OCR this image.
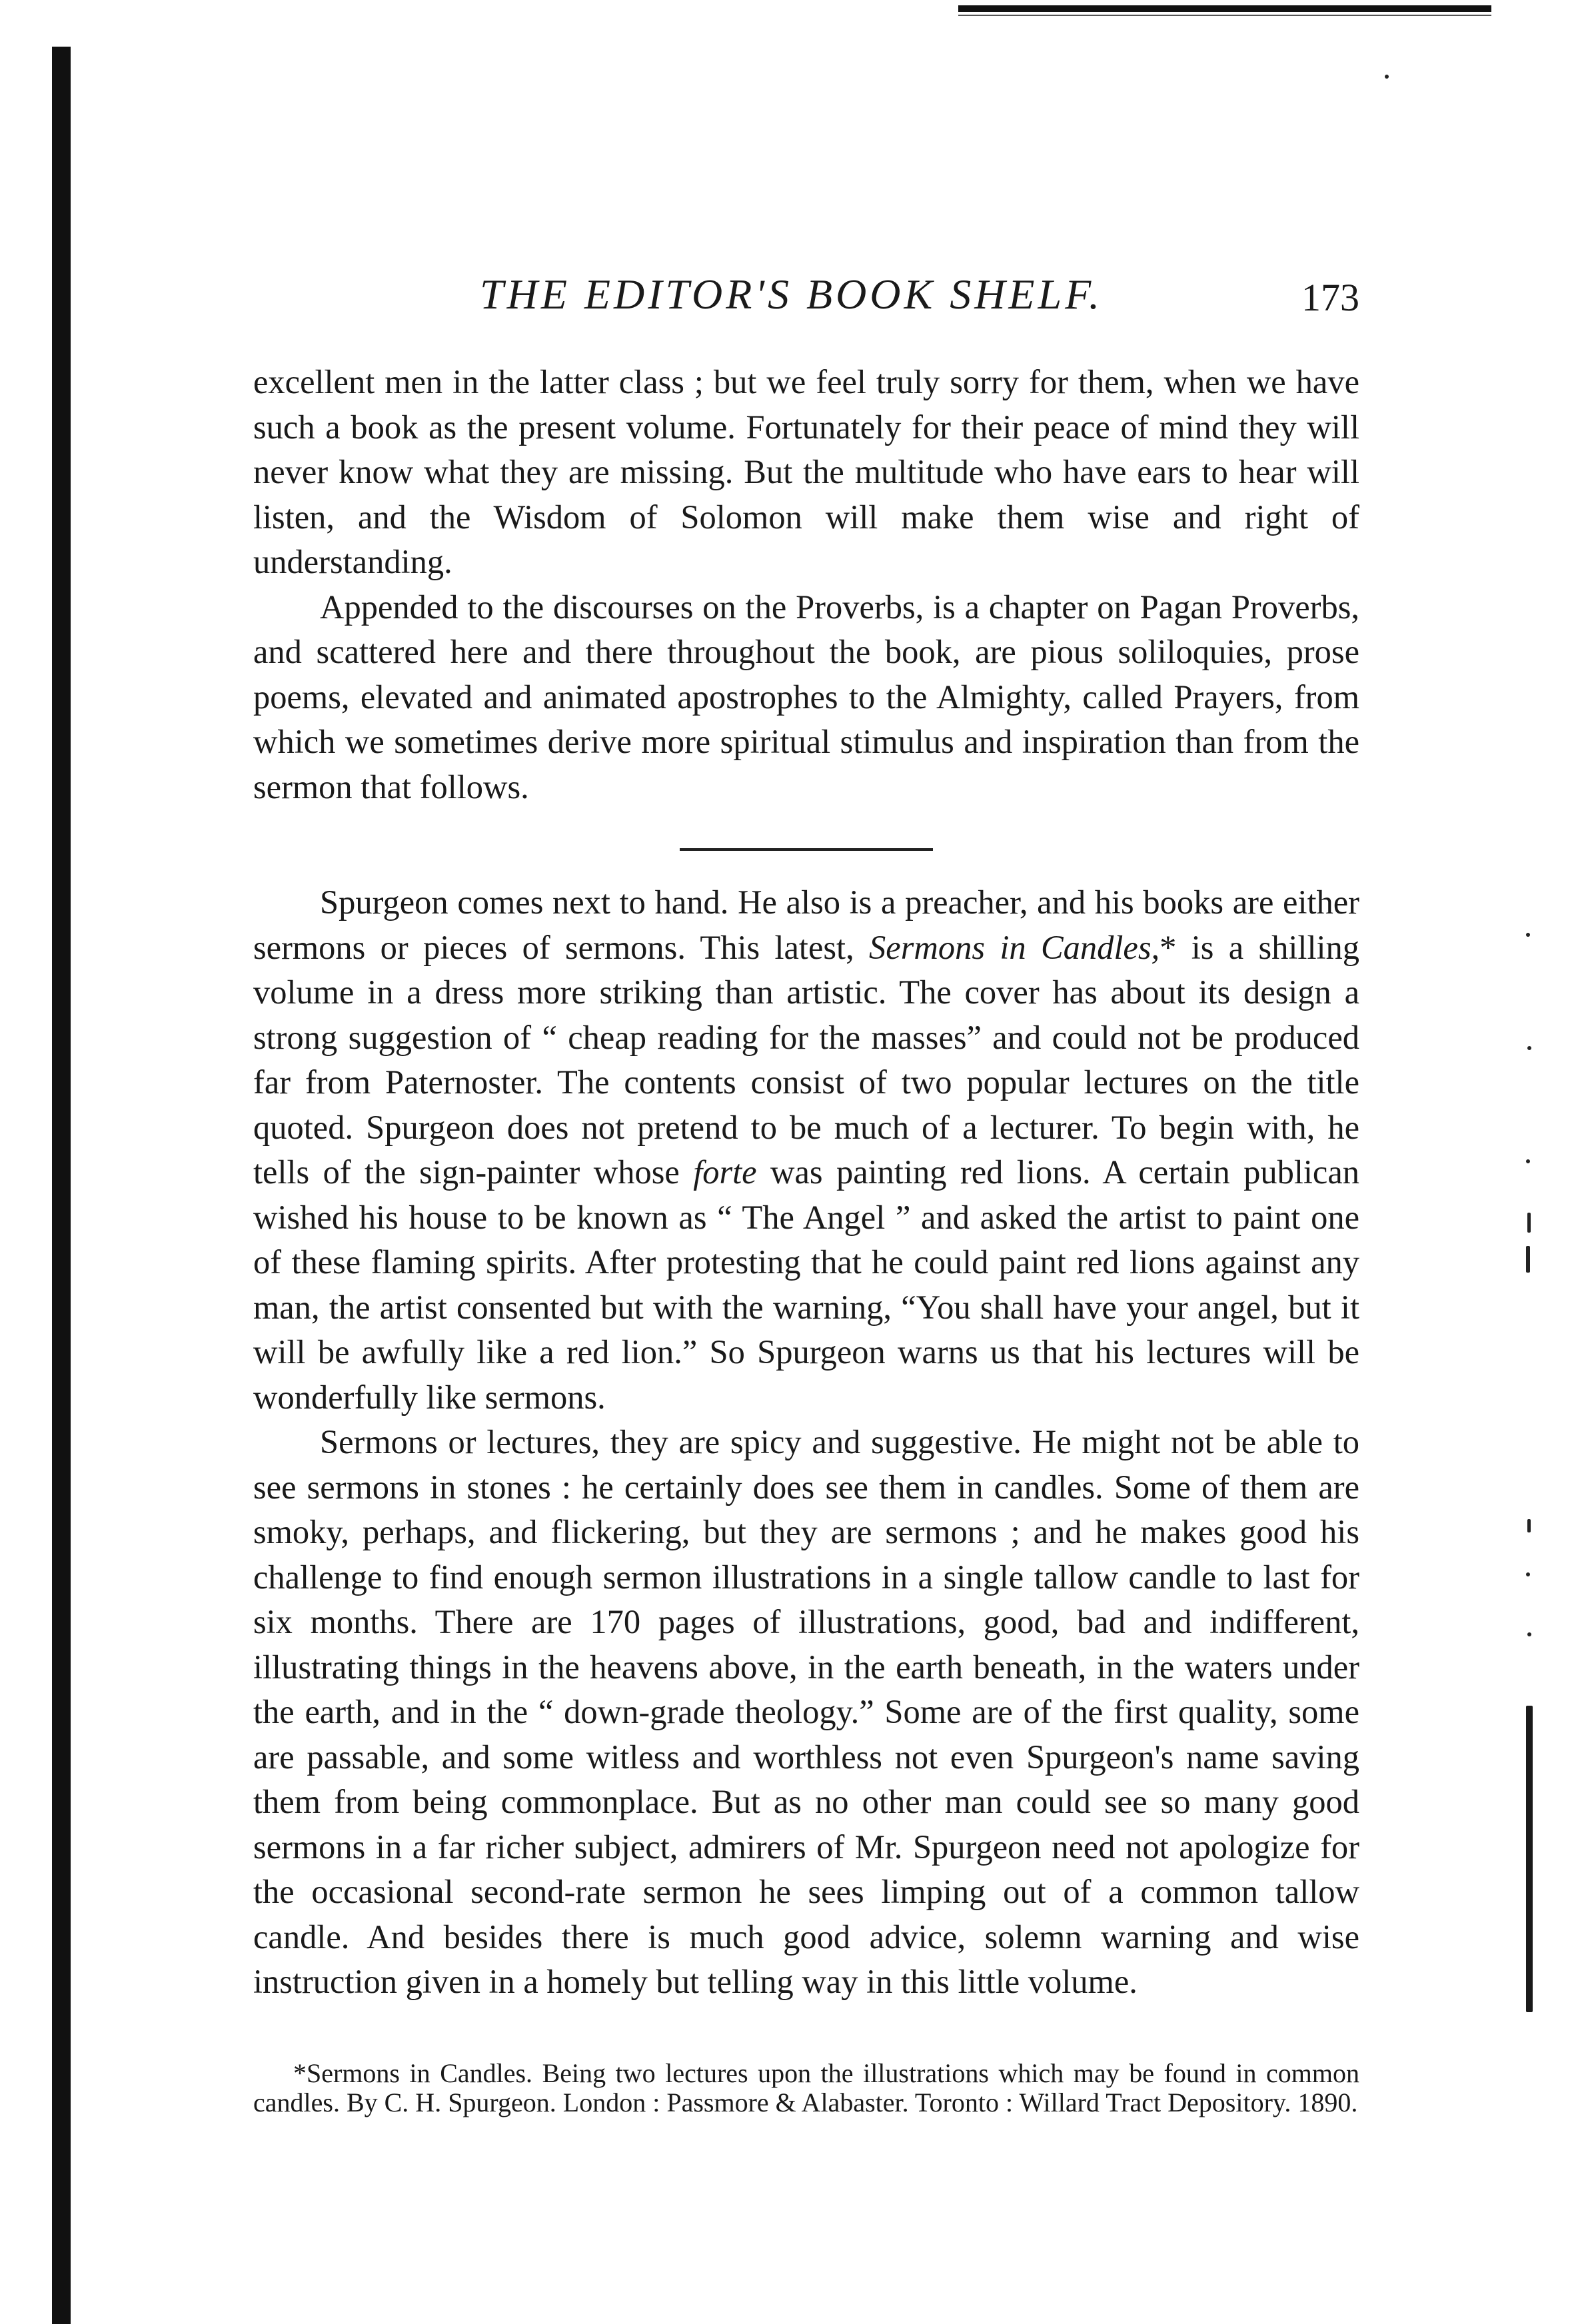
THE EDITOR'S BOOK SHELF.	173

excellent men in the latter class ; but we feel truly sorry for them, when we have such a book as the present volume. Fortunately for their peace of mind they will never know what they are missing. But the multitude who have ears to hear will listen, and the Wisdom of Solomon will make them wise and right of understanding.

Appended to the discourses on the Proverbs, is a chapter on Pagan Proverbs, and scattered here and there throughout the book, are pious soliloquies, prose poems, elevated and animated apostrophes to the Almighty, called Prayers, from which we sometimes derive more spiritual stimulus and inspiration than from the sermon that follows.

Spurgeon comes next to hand. He also is a preacher, and his books are either sermons or pieces of sermons. This latest, Sermons in Candles,* is a shilling volume in a dress more striking than artistic. The cover has about its design a strong suggestion of “ cheap reading for the masses” and could not be produced far from Paternoster. The contents consist of two popular lectures on the title quoted. Spurgeon does not pretend to be much of a lecturer. To begin with, he tells of the sign-painter whose forte was painting red lions. A certain publican wished his house to be known as “ The Angel ” and asked the artist to paint one of these flaming spirits. After protesting that he could paint red lions against any man, the artist consented but with the warning, “You shall have your angel, but it will be awfully like a red lion.” So Spurgeon warns us that his lectures will be wonderfully like sermons.

Sermons or lectures, they are spicy and suggestive. He might not be able to see sermons in stones : he certainly does see them in candles. Some of them are smoky, perhaps, and flickering, but they are sermons ; and he makes good his challenge to find enough sermon illustrations in a single tallow candle to last for six months. There are 170 pages of illustrations, good, bad and indifferent, illustrating things in the heavens above, in the earth beneath, in the waters under the earth, and in the “ down-grade theology.” Some are of the first quality, some are passable, and some witless and worthless not even Spurgeon's name saving them from being commonplace. But as no other man could see so many good sermons in a far richer subject, admirers of Mr. Spurgeon need not apologize for the occasional second-rate sermon he sees limping out of a common tallow candle. And besides there is much good advice, solemn warning and wise instruction given in a homely but telling way in this little volume.

*Sermons in Candles. Being two lectures upon the illustrations which may be found in common candles. By C. H. Spurgeon. London : Passmore & Alabaster. Toronto : Willard Tract Depository. 1890.
